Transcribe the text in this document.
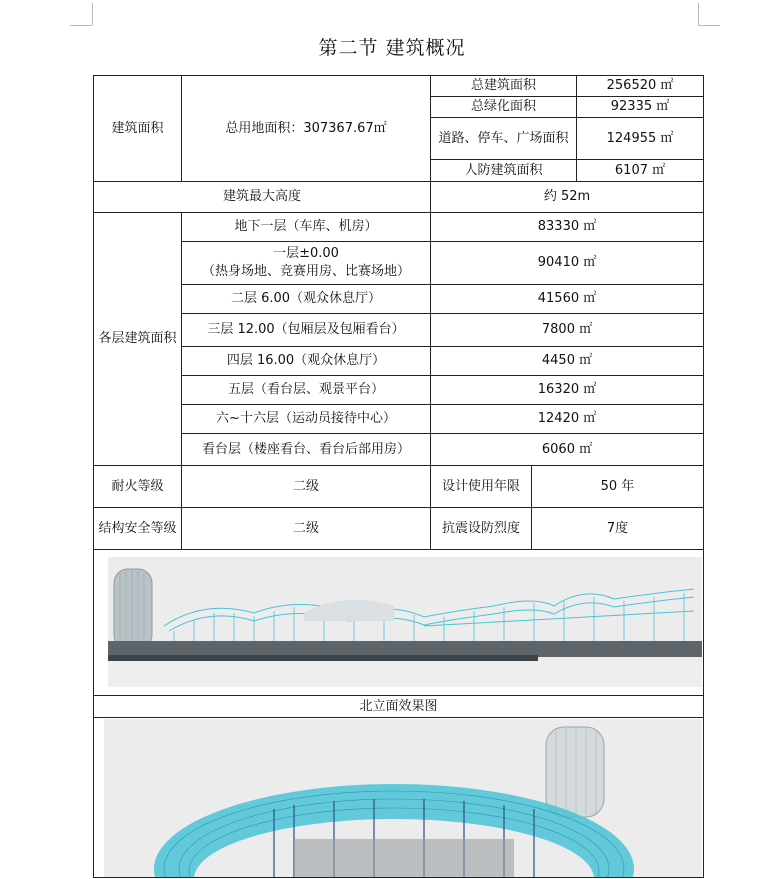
第二节 建筑概况
建筑面积	总用地面积：307367.67㎡	总建筑面积		256520 ㎡
		总绿化面积		92335 ㎡
		道路、停车、广场面积		124955 ㎡
		人防建筑面积		6107 ㎡
建筑最大高度		约 52m		
各层建筑面积	地下一层（车库、机房）	83330 ㎡		

	一层±0.00
（热身场地、竞赛用房、比赛场地）	90410 ㎡		
	二层 6.00（观众休息厅）	41560 ㎡		
	三层 12.00（包厢层及包厢看台）	7800 ㎡		
	四层 16.00（观众休息厅）	4450 ㎡		
	五层（看台层、观景平台）	16320 ㎡		
	六~十六层（运动员接待中心）	12420 ㎡		
	看台层（楼座看台、看台后部用房）	6060 ㎡		
耐火等级	二级	设计使用年限	50 年	
结构安全等级	二级	抗震设防烈度	7度	

北立面效果图				
